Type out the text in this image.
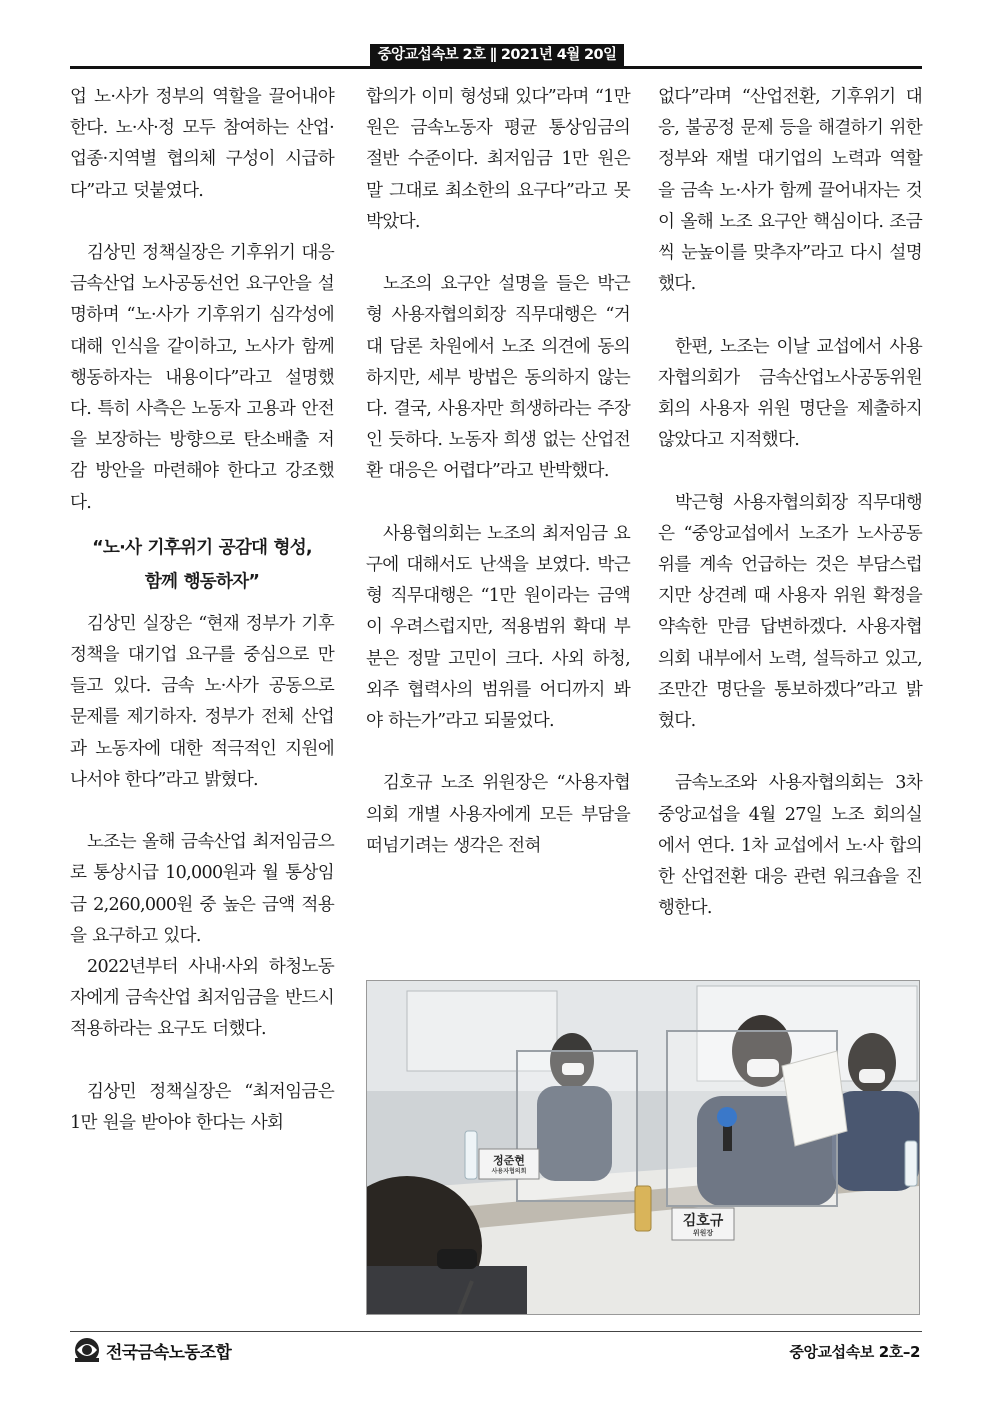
중앙교섭속보 2호 ∥ 2021년 4월 20일

업 노·사가 정부의 역할을 끌어내야 한다. 노·사·정 모두 참여하는 산업·업종·지역별 협의체 구성이 시급하다”라고 덧붙였다.

김상민 정책실장은 기후위기 대응 금속산업 노사공동선언 요구안을 설명하며 “노·사가 기후위기 심각성에 대해 인식을 같이하고, 노사가 함께 행동하자는 내용이다”라고 설명했다. 특히 사측은 노동자 고용과 안전을 보장하는 방향으로 탄소배출 저감 방안을 마련해야 한다고 강조했다.

“노·사 기후위기 공감대 형성,
함께 행동하자”

김상민 실장은 “현재 정부가 기후 정책을 대기업 요구를 중심으로 만들고 있다. 금속 노·사가 공동으로 문제를 제기하자. 정부가 전체 산업과 노동자에 대한 적극적인 지원에 나서야 한다”라고 밝혔다.

노조는 올해 금속산업 최저임금으로 통상시급 10,000원과 월 통상임금 2,260,000원 중 높은 금액 적용을 요구하고 있다.

2022년부터 사내·사외 하청노동자에게 금속산업 최저임금을 반드시 적용하라는 요구도 더했다.

김상민 정책실장은 “최저임금은 1만 원을 받아야 한다는 사회

합의가 이미 형성돼 있다”라며 “1만 원은 금속노동자 평균 통상임금의 절반 수준이다. 최저임금 1만 원은 말 그대로 최소한의 요구다”라고 못 박았다.

노조의 요구안 설명을 들은 박근형 사용자협의회장 직무대행은 “거대 담론 차원에서 노조 의견에 동의하지만, 세부 방법은 동의하지 않는다. 결국, 사용자만 희생하라는 주장인 듯하다. 노동자 희생 없는 산업전환 대응은 어렵다”라고 반박했다.

사용협의회는 노조의 최저임금 요구에 대해서도 난색을 보였다. 박근형 직무대행은 “1만 원이라는 금액이 우려스럽지만, 적용범위 확대 부분은 정말 고민이 크다. 사외 하청, 외주 협력사의 범위를 어디까지 봐야 하는가”라고 되물었다.

김호규 노조 위원장은 “사용자협의회 개별 사용자에게 모든 부담을 떠넘기려는 생각은 전혀

없다”라며 “산업전환, 기후위기 대응, 불공정 문제 등을 해결하기 위한 정부와 재벌 대기업의 노력과 역할을 금속 노·사가 함께 끌어내자는 것이 올해 노조 요구안 핵심이다. 조금씩 눈높이를 맞추자”라고 다시 설명했다.

한편, 노조는 이날 교섭에서 사용자협의회가 금속산업노사공동위원회의 사용자 위원 명단을 제출하지 않았다고 지적했다.

박근형 사용자협의회장 직무대행은 “중앙교섭에서 노조가 노사공동위를 계속 언급하는 것은 부담스럽지만 상견례 때 사용자 위원 확정을 약속한 만큼 답변하겠다. 사용자협의회 내부에서 노력, 설득하고 있고, 조만간 명단을 통보하겠다”라고 밝혔다.

금속노조와 사용자협의회는 3차 중앙교섭을 4월 27일 노조 회의실에서 연다. 1차 교섭에서 노·사 합의한 산업전환 대응 관련 워크숍을 진행한다.

정준현
사용자협의회
김호규
위원장
전국금속노동조합	중앙교섭속보 2호–2
